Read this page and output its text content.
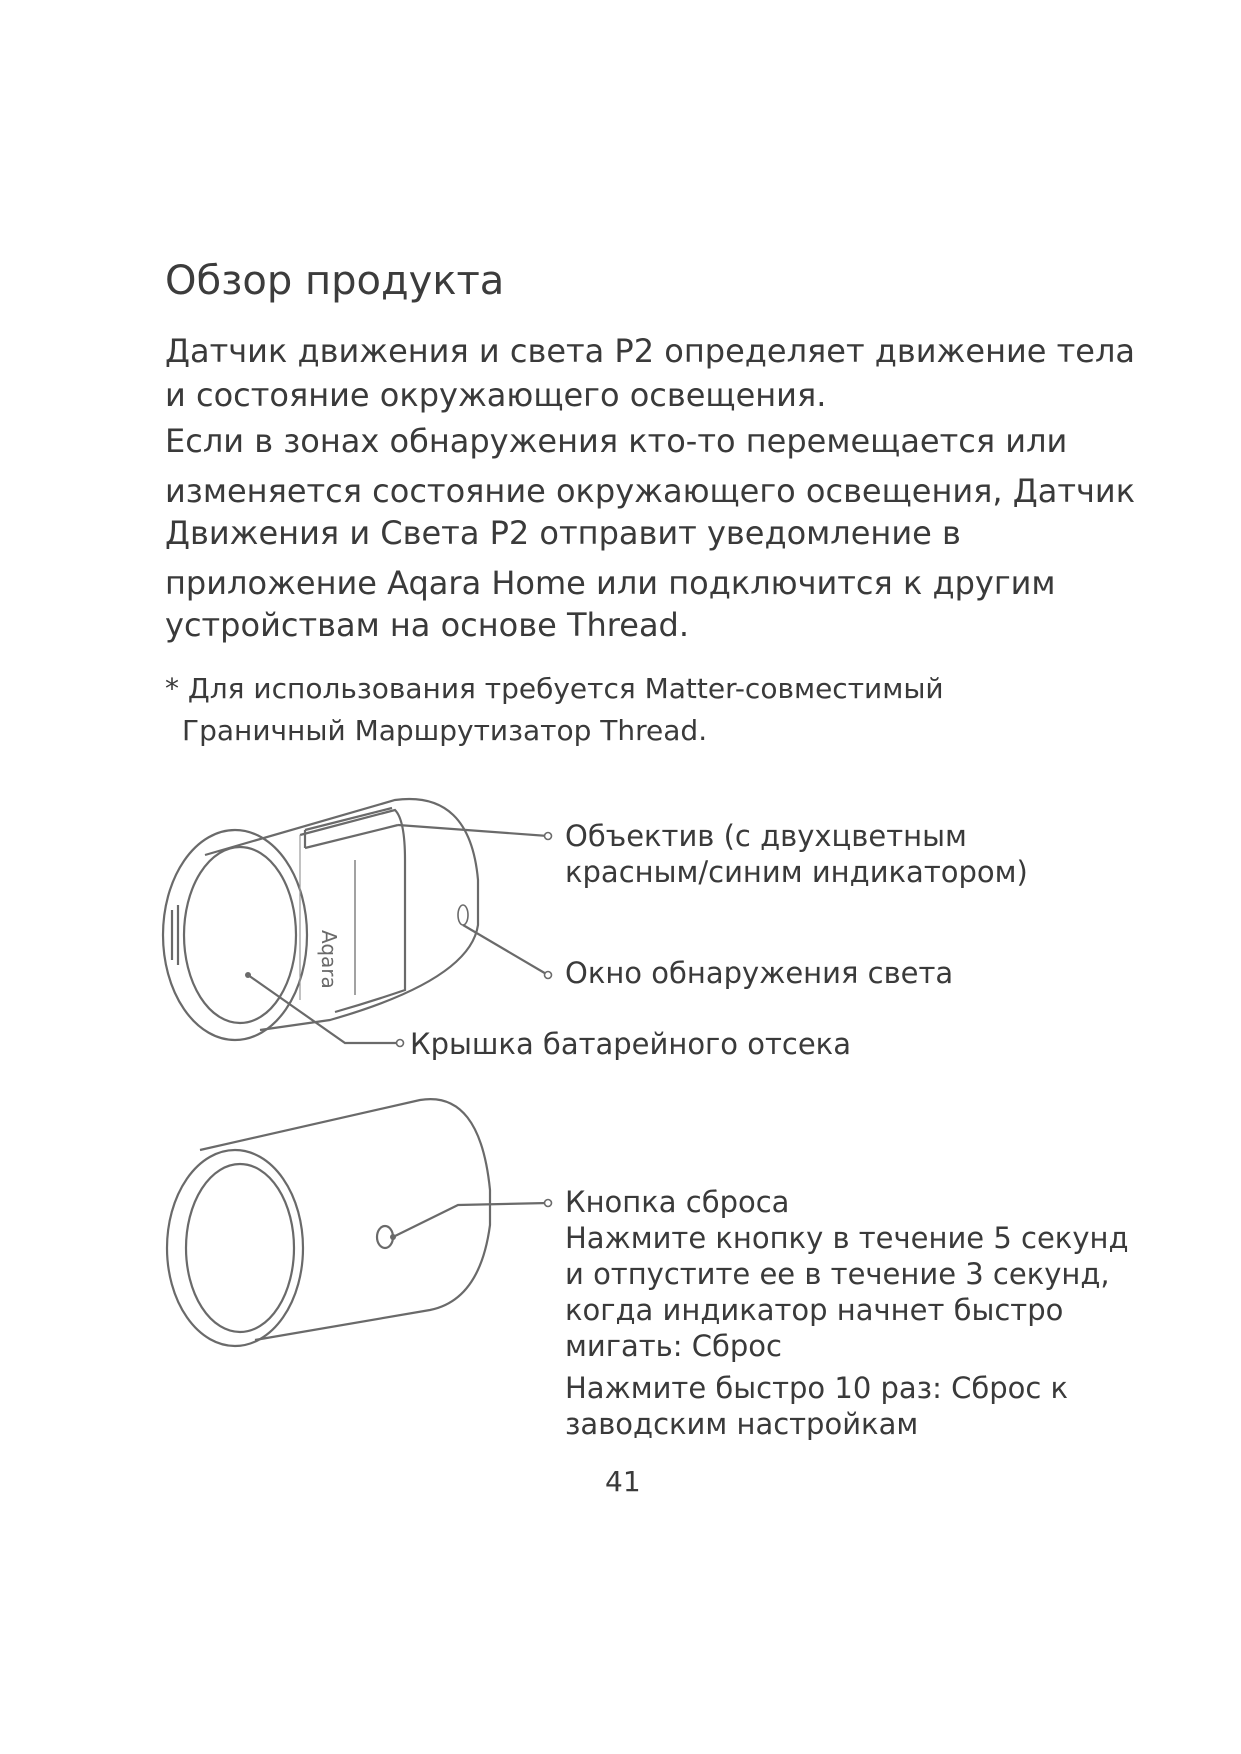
Обзор продукта
Датчик движения и света P2 определяет движение тела
и состояние окружающего освещения.
Если в зонах обнаружения кто-то перемещается или
изменяется состояние окружающего освещения, Датчик
Движения и Света P2 отправит уведомление в
приложение Aqara Home или подключится к другим
устройствам на основе Thread.
* Для использования требуется Matter-совместимый
Граничный Маршрутизатор Thread.
Aqara
Объектив (с двухцветным
красным/синим индикатором)
Окно обнаружения света
Крышка батарейного отсека
Кнопка сброса
Нажмите кнопку в течение 5 секунд
и отпустите ее в течение 3 секунд,
когда индикатор начнет быстро
мигать: Сброс
Нажмите быстро 10 раз: Сброс к
заводским настройкам
41
